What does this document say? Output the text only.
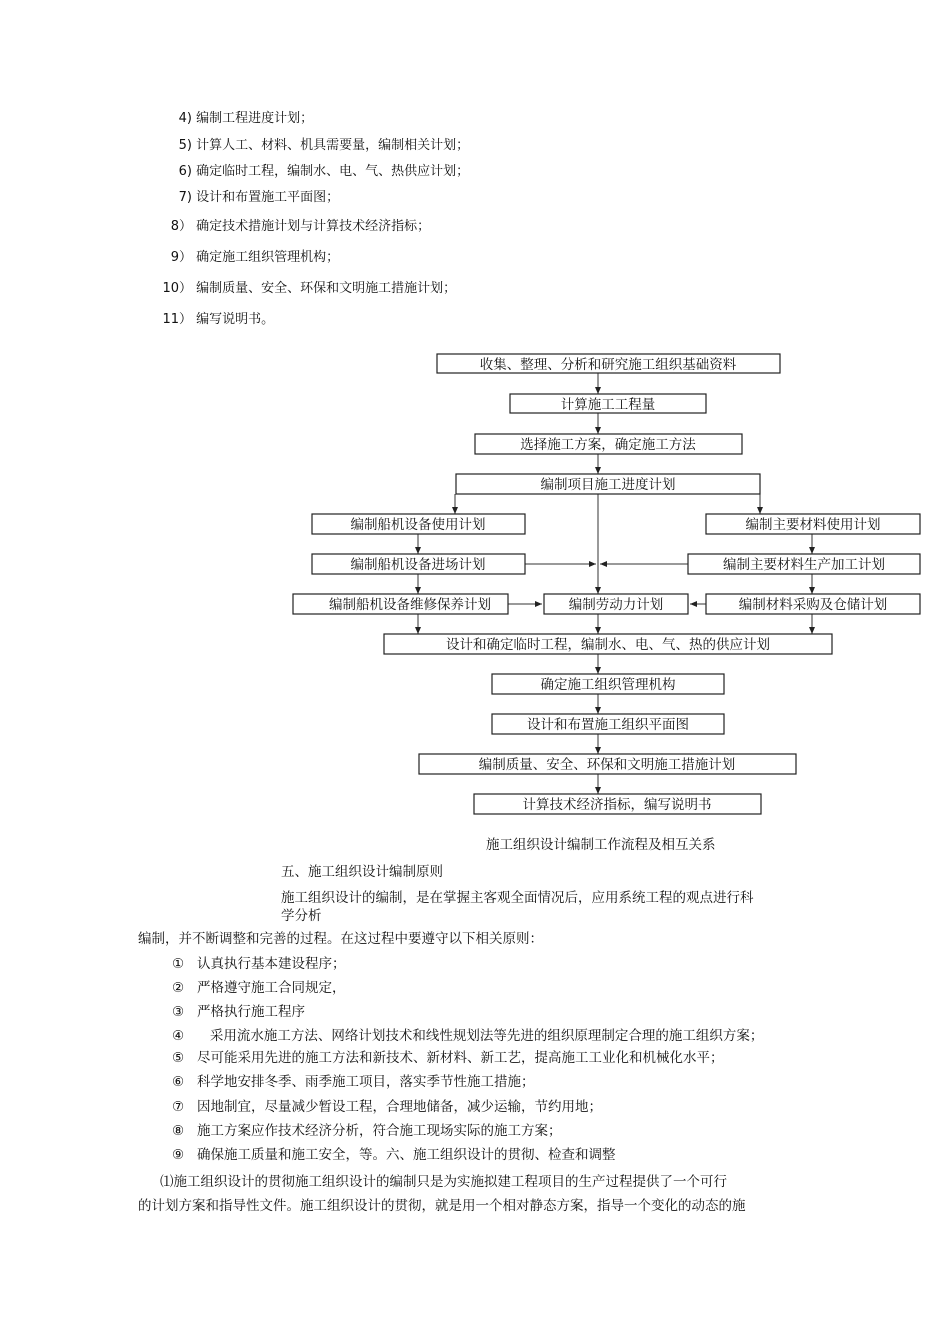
4) 编制工程进度计划；
5) 计算人工、材料、机具需要量，编制相关计划；
6) 确定临时工程，编制水、电、气、热供应计划；
7) 设计和布置施工平面图；
8） 确定技术措施计划与计算技术经济指标；
9） 确定施工组织管理机构；
10） 编制质量、安全、环保和文明施工措施计划；
11） 编写说明书。
收集、整理、分析和研究施工组织基础资料
计算施工工程量
选择施工方案，确定施工方法
编制项目施工进度计划
编制船机设备使用计划	编制主要材料使用计划
编制船机设备进场计划	编制主要材料生产加工计划
编制船机设备维修保养计划	编制劳动力计划	编制材料采购及仓储计划
设计和确定临时工程，编制水、电、气、热的供应计划
确定施工组织管理机构
设计和布置施工组织平面图
编制质量、安全、环保和文明施工措施计划
计算技术经济指标，编写说明书
施工组织设计编制工作流程及相互关系
五、施工组织设计编制原则
施工组织设计的编制，是在掌握主客观全面情况后，应用系统工程的观点进行科
学分析
编制，并不断调整和完善的过程。在这过程中要遵守以下相关原则：
① 认真执行基本建设程序；
② 严格遵守施工合同规定，
③ 严格执行施工程序
④      采用流水施工方法、网络计划技术和线性规划法等先进的组织原理制定合理的施工组织方案；
⑤ 尽可能采用先进的施工方法和新技术、新材料、新工艺，提高施工工业化和机械化水平；
⑥ 科学地安排冬季、雨季施工项目，落实季节性施工措施；
⑦ 因地制宜，尽量减少暂设工程，合理地储备，减少运输，节约用地；
⑧ 施工方案应作技术经济分析，符合施工现场实际的施工方案；
⑨ 确保施工质量和施工安全，等。六、施工组织设计的贯彻、检查和调整
⑴施工组织设计的贯彻施工组织设计的编制只是为实施拟建工程项目的生产过程提供了一个可行
的计划方案和指导性文件。施工组织设计的贯彻，就是用一个相对静态方案，指导一个变化的动态的施
